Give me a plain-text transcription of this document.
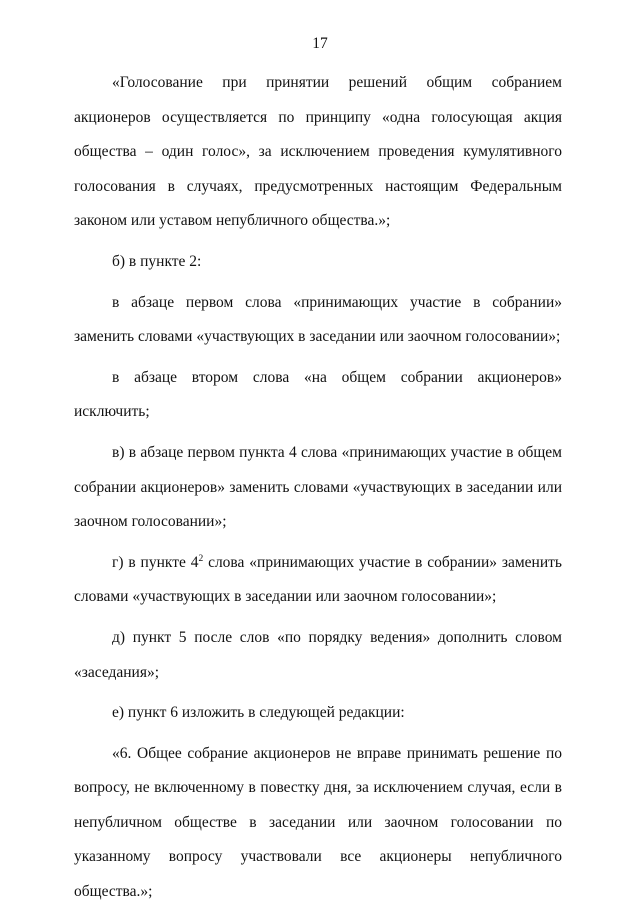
17

«Голосование при принятии решений общим собранием акционеров осуществляется по принципу «одна голосующая акция общества – один голос», за исключением проведения кумулятивного голосования в случаях, предусмотренных настоящим Федеральным законом или уставом непубличного общества.»;

б) в пункте 2:

в абзаце первом слова «принимающих участие в собрании» заменить словами «участвующих в заседании или заочном голосовании»;

в абзаце втором слова «на общем собрании акционеров» исключить;

в) в абзаце первом пункта 4 слова «принимающих участие в общем собрании акционеров» заменить словами «участвующих в заседании или заочном голосовании»;

г) в пункте $4^2$ слова «принимающих участие в собрании» заменить словами «участвующих в заседании или заочном голосовании»;

д) пункт 5 после слов «по порядку ведения» дополнить словом «заседания»;

е) пункт 6 изложить в следующей редакции:

«6. Общее собрание акционеров не вправе принимать решение по вопросу, не включенному в повестку дня, за исключением случая, если в непубличном обществе в заседании или заочном голосовании по указанному вопросу участвовали все акционеры непубличного общества.»;
